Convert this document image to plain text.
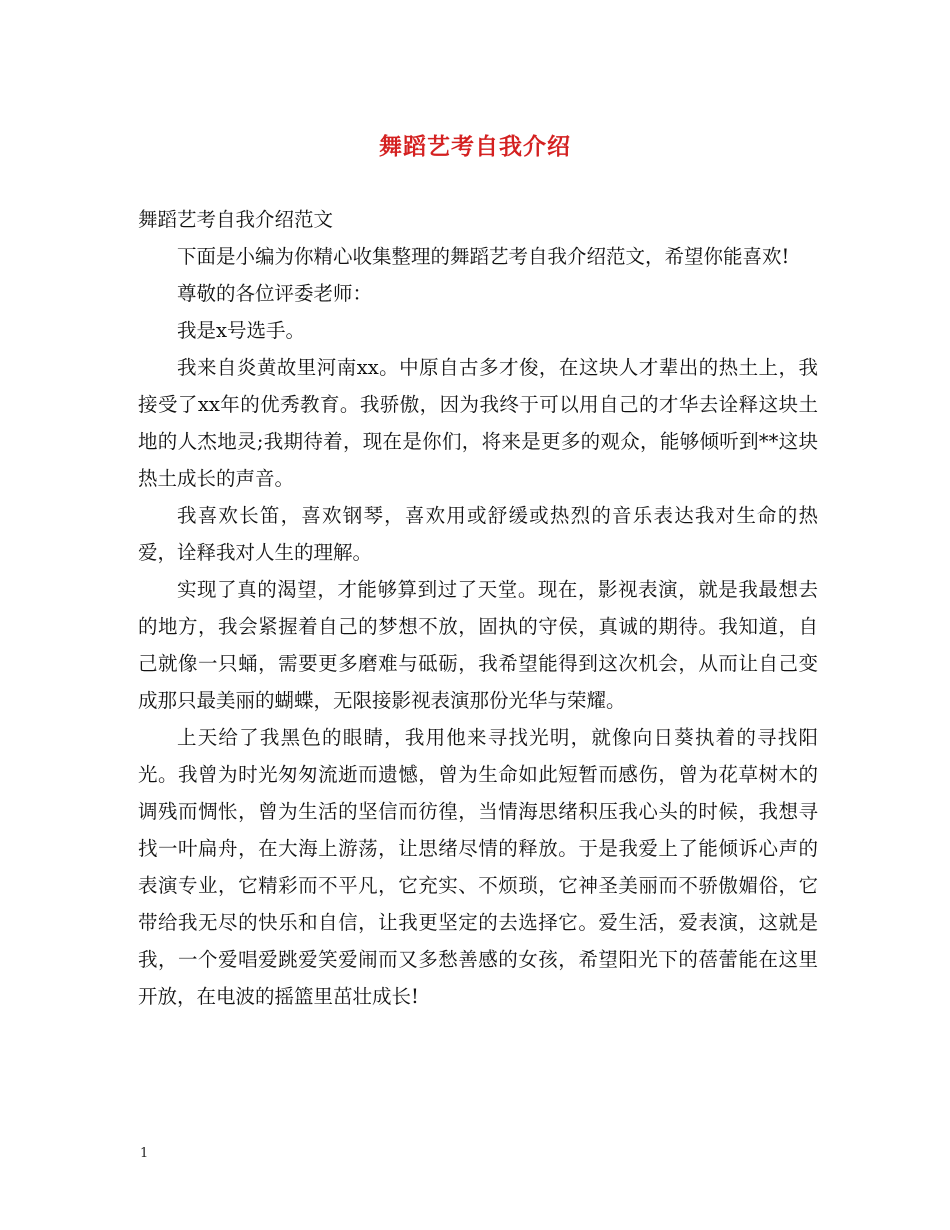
舞蹈艺考自我介绍

舞蹈艺考自我介绍范文

下面是小编为你精心收集整理的舞蹈艺考自我介绍范文，希望你能喜欢!

尊敬的各位评委老师：

我是x号选手。

我来自炎黄故里河南xx。中原自古多才俊，在这块人才辈出的热土上，我接受了xx年的优秀教育。我骄傲，因为我终于可以用自己的才华去诠释这块土地的人杰地灵;我期待着，现在是你们，将来是更多的观众，能够倾听到**这块热土成长的声音。

我喜欢长笛，喜欢钢琴，喜欢用或舒缓或热烈的音乐表达我对生命的热爱，诠释我对人生的理解。

实现了真的渴望，才能够算到过了天堂。现在，影视表演，就是我最想去的地方，我会紧握着自己的梦想不放，固执的守侯，真诚的期待。我知道，自己就像一只蛹，需要更多磨难与砥砺，我希望能得到这次机会，从而让自己变成那只最美丽的蝴蝶，无限接影视表演那份光华与荣耀。

上天给了我黑色的眼睛，我用他来寻找光明，就像向日葵执着的寻找阳光。我曾为时光匆匆流逝而遗憾，曾为生命如此短暂而感伤，曾为花草树木的调残而惆怅，曾为生活的坚信而彷徨，当情海思绪积压我心头的时候，我想寻找一叶扁舟，在大海上游荡，让思绪尽情的释放。于是我爱上了能倾诉心声的表演专业，它精彩而不平凡，它充实、不烦琐，它神圣美丽而不骄傲媚俗，它带给我无尽的快乐和自信，让我更坚定的去选择它。爱生活，爱表演，这就是我，一个爱唱爱跳爱笑爱闹而又多愁善感的女孩，希望阳光下的蓓蕾能在这里开放，在电波的摇篮里茁壮成长!

1
